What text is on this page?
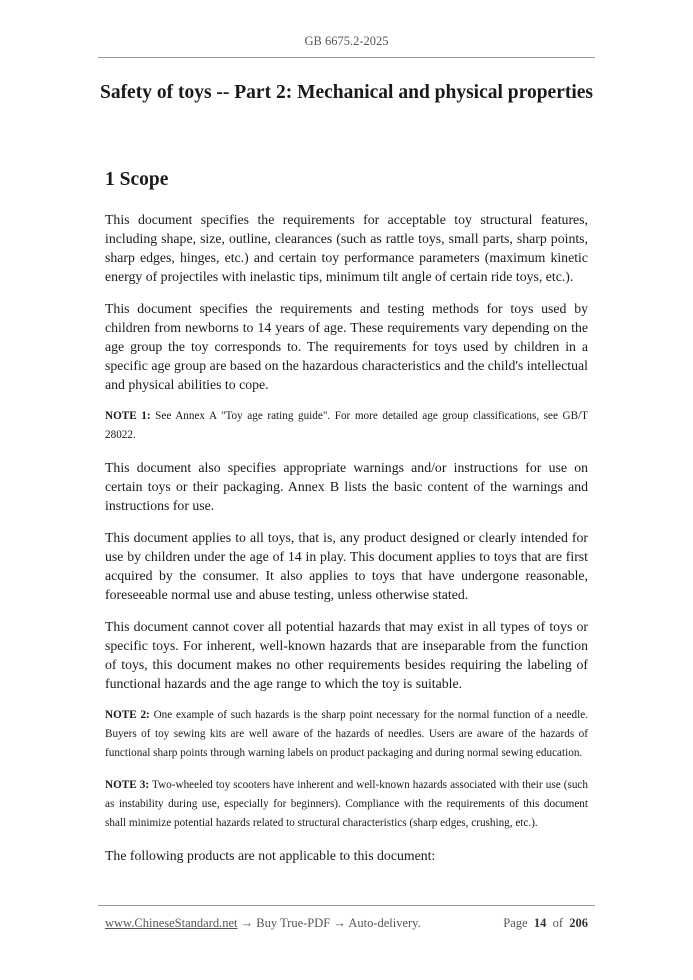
GB 6675.2-2025
Safety of toys -- Part 2: Mechanical and physical properties
1 Scope

This document specifies the requirements for acceptable toy structural features, including shape, size, outline, clearances (such as rattle toys, small parts, sharp points, sharp edges, hinges, etc.) and certain toy performance parameters (maximum kinetic energy of projectiles with inelastic tips, minimum tilt angle of certain ride toys, etc.).

This document specifies the requirements and testing methods for toys used by children from newborns to 14 years of age. These requirements vary depending on the age group the toy corresponds to. The requirements for toys used by children in a specific age group are based on the hazardous characteristics and the child's intellectual and physical abilities to cope.

NOTE 1: See Annex A "Toy age rating guide". For more detailed age group classifications, see GB/T 28022.

This document also specifies appropriate warnings and/or instructions for use on certain toys or their packaging. Annex B lists the basic content of the warnings and instructions for use.

This document applies to all toys, that is, any product designed or clearly intended for use by children under the age of 14 in play. This document applies to toys that are first acquired by the consumer. It also applies to toys that have undergone reasonable, foreseeable normal use and abuse testing, unless otherwise stated.

This document cannot cover all potential hazards that may exist in all types of toys or specific toys. For inherent, well-known hazards that are inseparable from the function of toys, this document makes no other requirements besides requiring the labeling of functional hazards and the age range to which the toy is suitable.

NOTE 2: One example of such hazards is the sharp point necessary for the normal function of a needle. Buyers of toy sewing kits are well aware of the hazards of needles. Users are aware of the hazards of functional sharp points through warning labels on product packaging and during normal sewing education.

NOTE 3: Two-wheeled toy scooters have inherent and well-known hazards associated with their use (such as instability during use, especially for beginners). Compliance with the requirements of this document shall minimize potential hazards related to structural characteristics (sharp edges, crushing, etc.).

The following products are not applicable to this document:

www.ChineseStandard.net → Buy True-PDF → Auto-delivery.	Page 14 of 206
